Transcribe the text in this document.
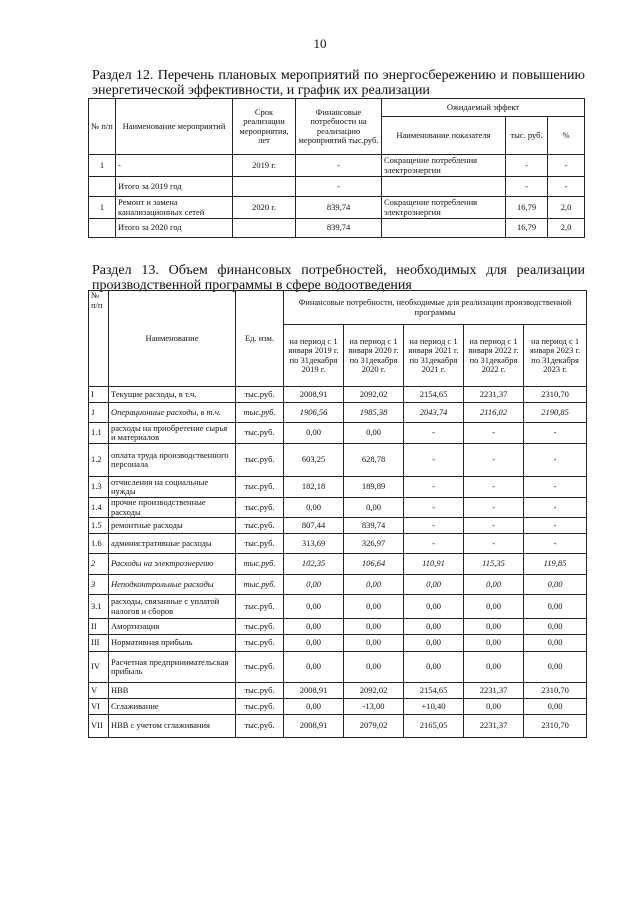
10
Раздел 12. Перечень плановых мероприятий по энергосбережению и повышению энергетической эффективности, и график их реализации
№ п/п	Наименование мероприятий	Срок реализации мероприятия, лет	Финансовые потребности на реализацию мероприятий тыс.руб.	Ожидаемый эффект		
				Наименование показателя	тыс. руб.	%
1	-	2019 г.	-	Сокращение потребления электроэнергии	-	-
	Итого за 2019 год		-		-	-
1	Ремонт и замена канализационных сетей	2020 г.	839,74	Сокращение потребления электроэнергии	16,79	2,0
	Итого за 2020 год		839,74		16,79	2,0
Раздел 13. Объем финансовых потребностей, необходимых для реализации производственной программы в сфере водоотведения
№ п/п	Наименование	Ед. изм.	Финансовые потребности, необходимые для реализации производственной программы				
			на период с 1 января 2019 г. по 31декабря 2019 г.	на период с 1 января 2020 г. по 31декабря 2020 г.	на период с 1 января 2021 г. по 31декабря 2021 г.	на период с 1 января 2022 г. по 31декабря 2022 г.	на период с 1 января 2023 г. по 31декабря 2023 г.
I	Текущие расходы, в т.ч.	тыс.руб.	2008,91	2092,02	2154,65	2231,37	2310,70
1	Операционные расходы, в т.ч.	тыс.руб.	1906,56	1985,38	2043,74	2116,02	2190,85
1.1	расходы на приобретение сырья и материалов	тыс.руб.	0,00	0,00	-	-	-
1.2	оплата труда производственного персонала	тыс.руб.	603,25	628,78	-	-	-
1.3	отчисления на социальные нужды	тыс.руб.	182,18	189,89	-	-	-
1.4	прочие производственные расходы	тыс.руб.	0,00	0,00	-	-	-
1.5	ремонтные расходы	тыс.руб.	807,44	839,74	-	-	-
1.6	административные расходы	тыс.руб.	313,69	326,97	-	-	-
2	Расходы на электроэнергию	тыс.руб.	102,35	106,64	110,91	115,35	119,85
3	Неподконтрольные расходы	тыс.руб.	0,00	0,00	0,00	0,00	0,00
3.1	расходы, связанные с уплатой налогов и сборов	тыс.руб.	0,00	0,00	0,00	0,00	0,00
II	Амортизация	тыс.руб.	0,00	0,00	0,00	0,00	0,00
III	Нормативная прибыль	тыс.руб.	0,00	0,00	0,00	0,00	0,00
IV	Расчетная предпринимательская прибыль	тыс.руб.	0,00	0,00	0,00	0,00	0,00
V	НВВ	тыс.руб.	2008,91	2092,02	2154,65	2231,37	2310,70
VI	Сглаживание	тыс.руб.	0,00	-13,00	+10,40	0,00	0,00
VII	НВВ с учетом сглаживания	тыс.руб.	2008,91	2079,02	2165,05	2231,37	2310,70
